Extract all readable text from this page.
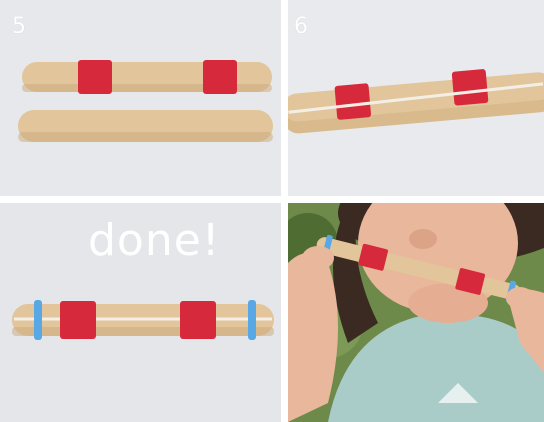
5	6
done!
